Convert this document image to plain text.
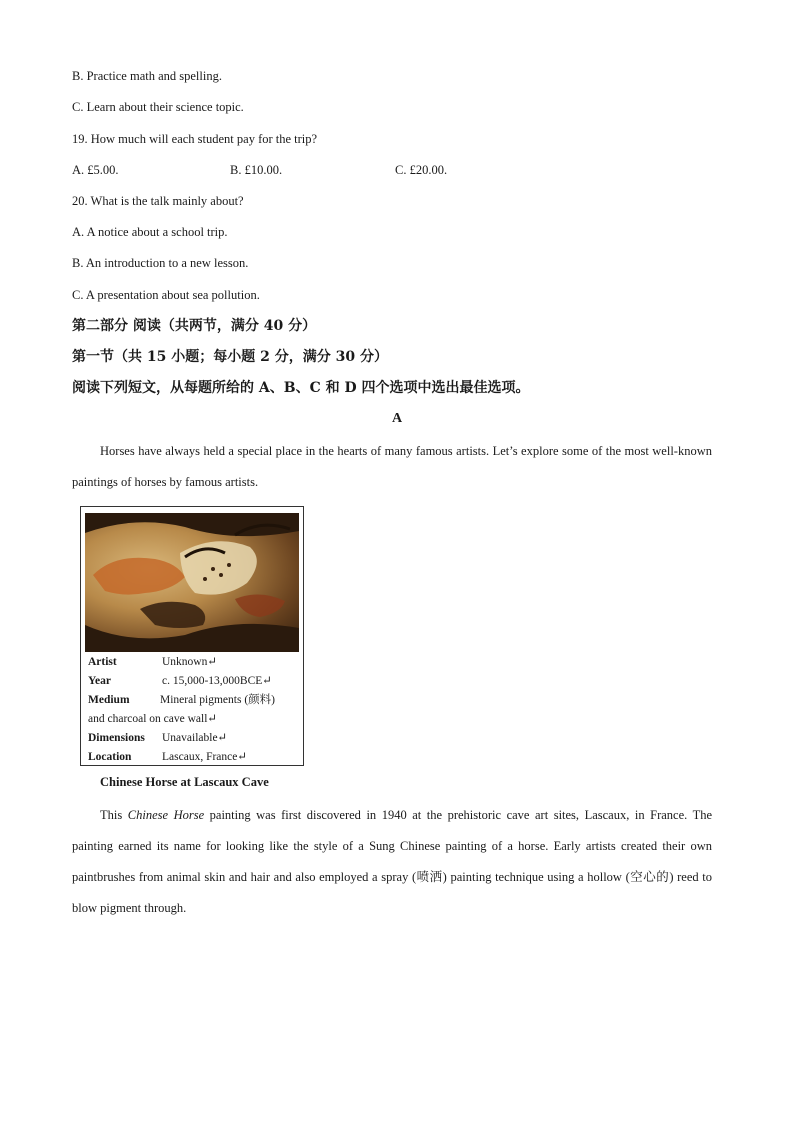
B. Practice math and spelling.
C. Learn about their science topic.
19. How much will each student pay for the trip?
A. £5.00.	B. £10.00.	C. £20.00.
20. What is the talk mainly about?
A. A notice about a school trip.
B. An introduction to a new lesson.
C. A presentation about sea pollution.
第二部分 阅读（共两节，满分 40 分）
第一节（共 15 小题；每小题 2 分，满分 30 分）
阅读下列短文，从每题所给的 A、B、C 和 D 四个选项中选出最佳选项。
A
Horses have always held a special place in the hearts of many famous artists. Let’s explore some of the most well-known paintings of horses by famous artists.
Artist	Unknown↵
Year	c. 15,000-13,000BCE↵
Medium	Mineral pigments (颜料)
and charcoal on cave wall↵
Dimensions Unavailable↵
Location	Lascaux, France↵
Chinese Horse at Lascaux Cave
This Chinese Horse painting was first discovered in 1940 at the prehistoric cave art sites, Lascaux, in France. The painting earned its name for looking like the style of a Sung Chinese painting of a horse. Early artists created their own paintbrushes from animal skin and hair and also employed a spray (喷洒) painting technique using a hollow (空心的) reed to blow pigment through.
